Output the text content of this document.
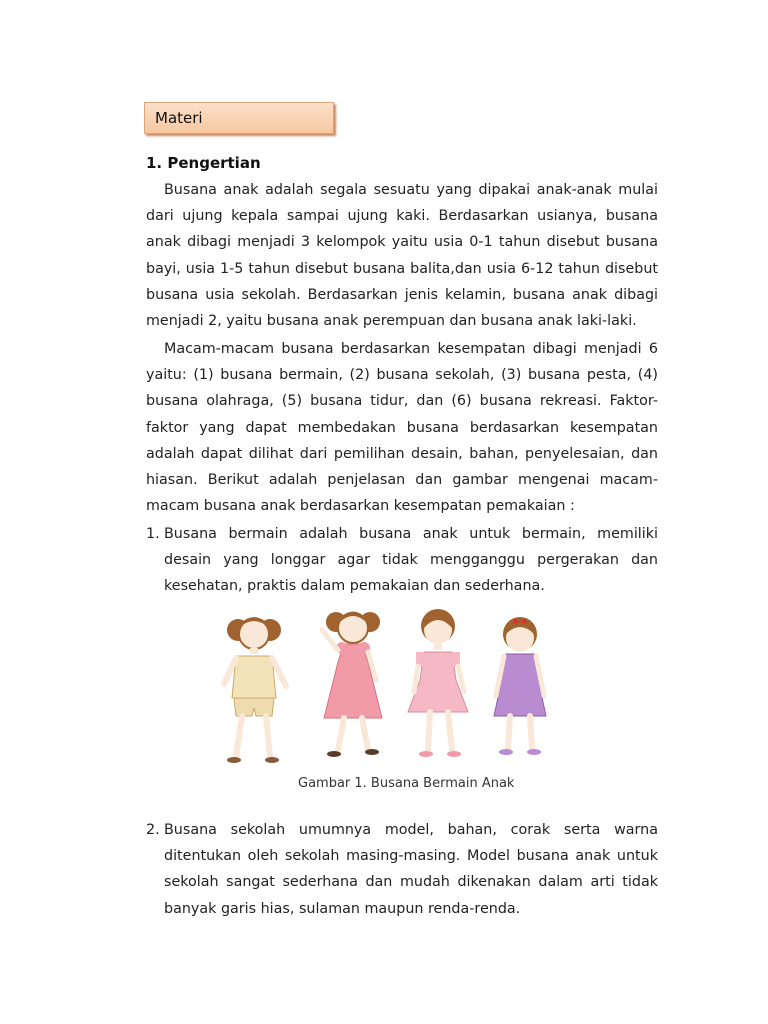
Materi
1. Pengertian

Busana anak adalah segala sesuatu yang dipakai anak-anak mulai dari ujung kepala sampai ujung kaki. Berdasarkan usianya, busana anak dibagi menjadi 3 kelompok yaitu usia 0-1 tahun disebut busana bayi, usia 1-5 tahun disebut busana balita,dan usia 6-12 tahun disebut busana usia sekolah. Berdasarkan jenis kelamin, busana anak dibagi menjadi 2, yaitu busana anak perempuan dan busana anak laki-laki.

Macam-macam busana berdasarkan kesempatan dibagi menjadi 6 yaitu: (1) busana bermain, (2) busana sekolah, (3) busana pesta, (4) busana olahraga, (5) busana tidur, dan (6) busana rekreasi. Faktor-faktor yang dapat membedakan busana berdasarkan kesempatan adalah dapat dilihat dari pemilihan desain, bahan, penyelesaian, dan hiasan. Berikut adalah penjelasan dan gambar mengenai macam-macam busana anak berdasarkan kesempatan pemakaian :

1. Busana bermain adalah busana anak untuk bermain, memiliki desain yang longgar agar tidak mengganggu pergerakan dan kesehatan, praktis dalam pemakaian dan sederhana.
Gambar 1. Busana Bermain Anak
2. Busana sekolah umumnya model, bahan, corak serta warna ditentukan oleh sekolah masing-masing. Model busana anak untuk sekolah sangat sederhana dan mudah dikenakan dalam arti tidak banyak garis hias, sulaman maupun renda-renda.
